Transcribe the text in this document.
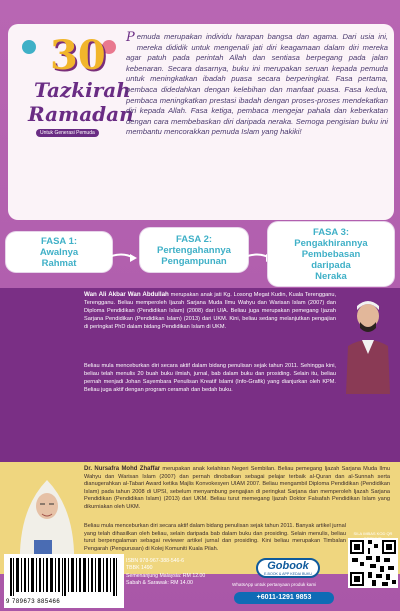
30
Tazkirah
Ramadan
Untuk Generasi Pemuda
Pemuda merupakan individu harapan bangsa dan agama. Dari usia ini, mereka dididik untuk mengenali jati diri keagamaan dalam diri mereka agar patuh pada perintah Allah dan sentiasa berpegang pada jalan kebenaran. Secara dasarnya, buku ini merupakan seruan kepada pemuda untuk meningkatkan ibadah puasa secara berperingkat. Fasa pertama, pembaca didedahkan dengan kelebihan dan manfaat puasa. Fasa kedua, pembaca meningkatkan prestasi ibadah dengan proses-proses mendekatkan diri kepada Allah. Fasa ketiga, pembaca mengejar pahala dan keberkatan dengan cara membebaskan diri daripada neraka. Semoga pengisian buku ini membantu mencorakkan pemuda Islam yang hakiki!
FASA 1:
Awalnya
Rahmat
FASA 2:
Pertengahannya
Pengampunan
FASA 3:
Pengakhirannya
Pembebasan
daripada
Neraka
Wan Ali Akbar Wan Abdullah merupakan anak jati Kg. Losong Megat Kudin, Kuala Terengganu, Terengganu. Beliau memperoleh Ijazah Sarjana Muda Ilmu Wahyu dan Warisan Islam (2007) dan Diploma Pendidikan (Pendidikan Islam) (2008) dari UIA. Beliau juga merupakan pemegang Ijazah Sarjana Pendidikan (Pendidikan Islam) (2013) dari UKM. Kini, beliau sedang melanjutkan pengajian di peringkat PhD dalam bidang Pendidikan Islam di UKM.
Beliau mula menceburkan diri secara aktif dalam bidang penulisan sejak tahun 2011. Sehingga kini, beliau telah menulis 20 buah buku ilmiah, jurnal, bab dalam buku dan prosiding. Selain itu, beliau pernah menjadi Johan Sayembara Penulisan Kreatif Islami (Info-Grafik) yang dianjurkan oleh KPM. Beliau juga aktif dengan program ceramah dan bedah buku.
Dr. Nursafra Mohd Zhaffar merupakan anak kelahiran Negeri Sembilan. Beliau pemegang Ijazah Sarjana Muda Ilmu Wahyu dan Warisan Islam (2007) dan pernah dinobatkan sebagai pelajar terbaik al-Quran dan al-Sunnah serta dianugerahkan al-Tabari Award ketika Majlis Konvokesyen UIAM 2007. Beliau mengambil Diploma Pendidikan (Pendidikan Islam) pada tahun 2008 di UPSI, sebelum menyambung pengajian di peringkat Sarjana dan memperoleh Ijazah Sarjana Pendidikan (Pendidikan Islam) (2013) dari UKM. Beliau turut memegang Ijazah Doktor Falsafah Pendidikan Islam yang dikurniakan oleh UKM.
Beliau mula menceburkan diri secara aktif dalam bidang penulisan sejak tahun 2011. Banyak artikel jurnal yang telah dihasilkan oleh beliau, selain daripada bab dalam buku dan prosiding. Selain menulis, beliau turut berpengalaman sebagai reviewer artikel jurnal dan prosiding. Kini beliau merupakan Timbalan Pengarah (Pengurusan) di Kolej Komuniti Kuala Pilah.
9 789673 885466
ISBN 978-967-388-546-6
TBBK 1490
Semenanjung Malaysia: RM 12.00
Sabah & Sarawak: RM 14.00
Gobook
E-BOOK & APP KEDAI BUKU
WhatsApp untuk pertanyaan produk kami
+6011-1291 9853
SILA IMBAS KOD QR
